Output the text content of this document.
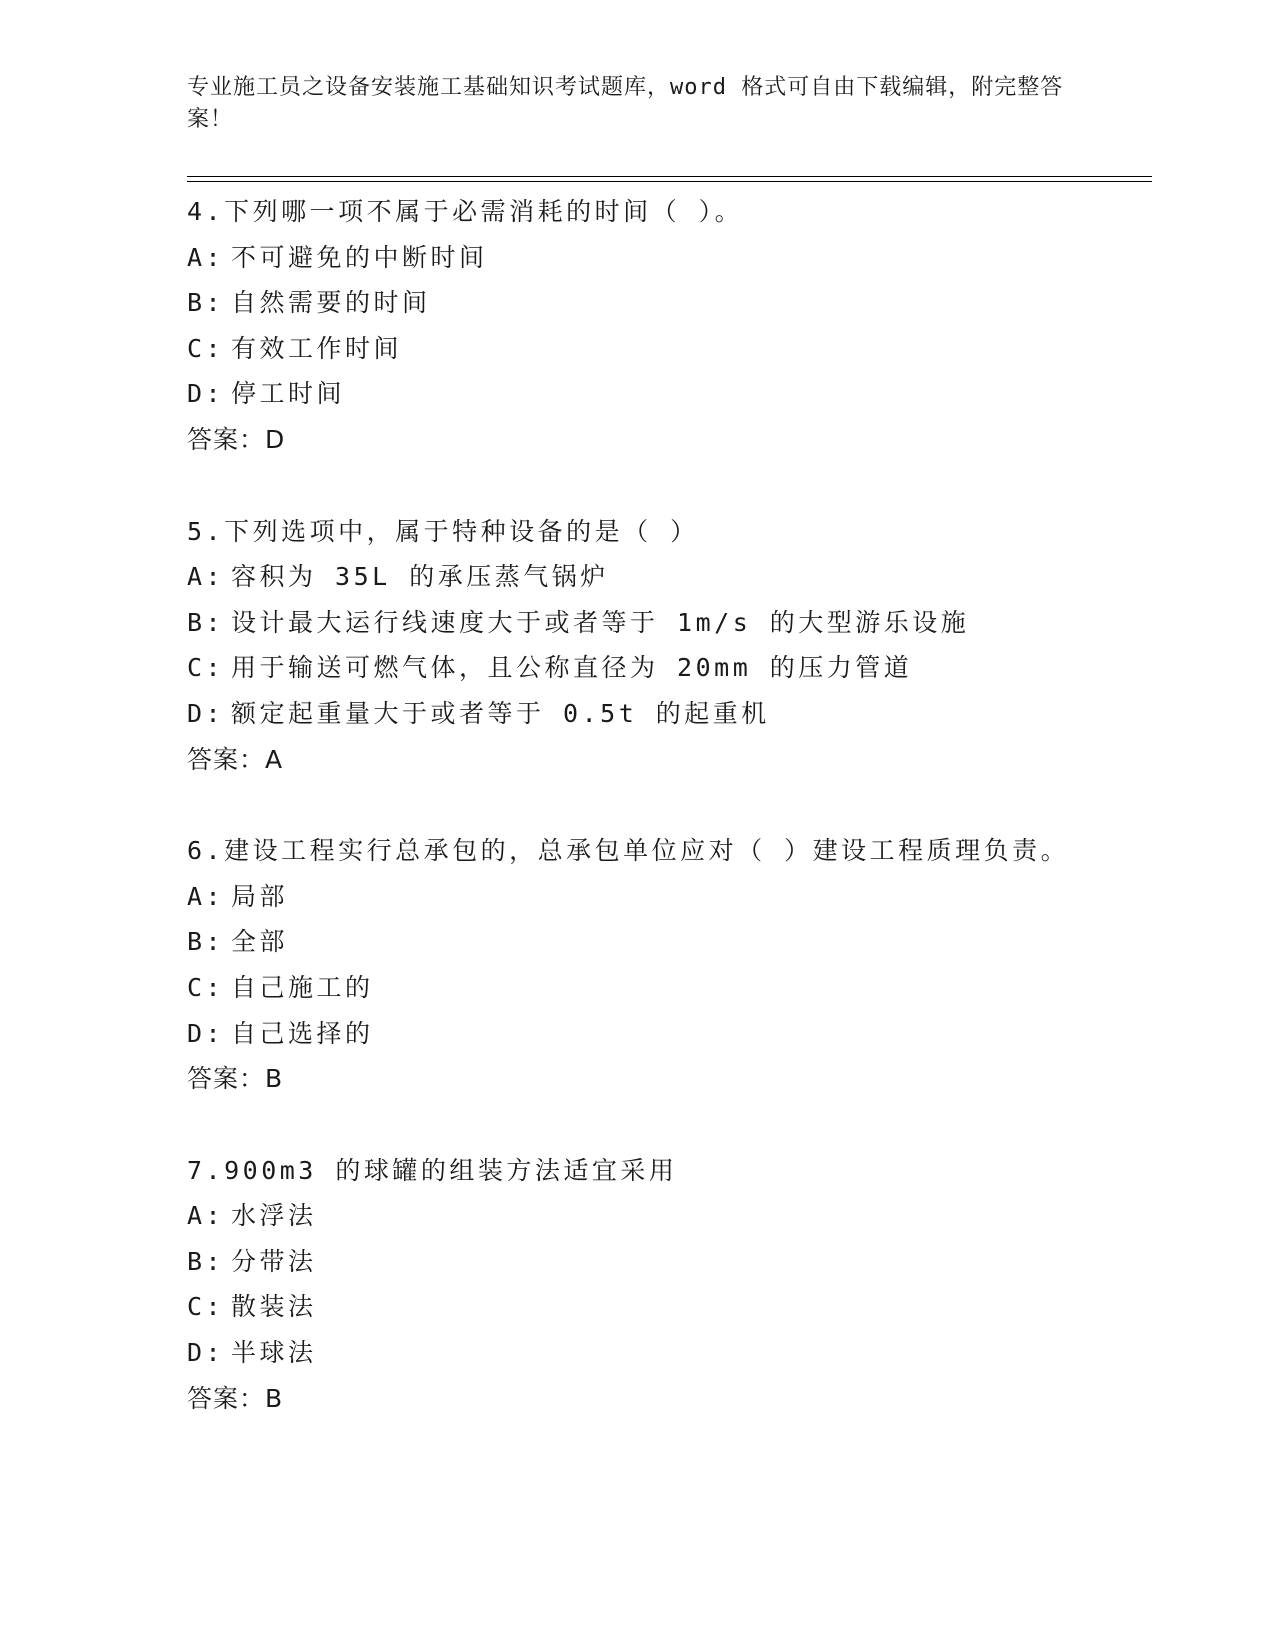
专业施工员之设备安装施工基础知识考试题库，word 格式可自由下载编辑，附完整答案！
4.下列哪一项不属于必需消耗的时间（ ）。
A: 不可避免的中断时间
B: 自然需要的时间
C: 有效工作时间
D: 停工时间
答案：D
5.下列选项中，属于特种设备的是（ ）
A: 容积为 35L 的承压蒸气锅炉
B: 设计最大运行线速度大于或者等于 1m/s 的大型游乐设施
C: 用于输送可燃气体，且公称直径为 20mm 的压力管道
D: 额定起重量大于或者等于 0.5t 的起重机
答案：A
6.建设工程实行总承包的，总承包单位应对（ ）建设工程质理负责。
A: 局部
B: 全部
C: 自己施工的
D: 自己选择的
答案：B
7.900m3 的球罐的组装方法适宜采用
A: 水浮法
B: 分带法
C: 散装法
D: 半球法
答案：B
